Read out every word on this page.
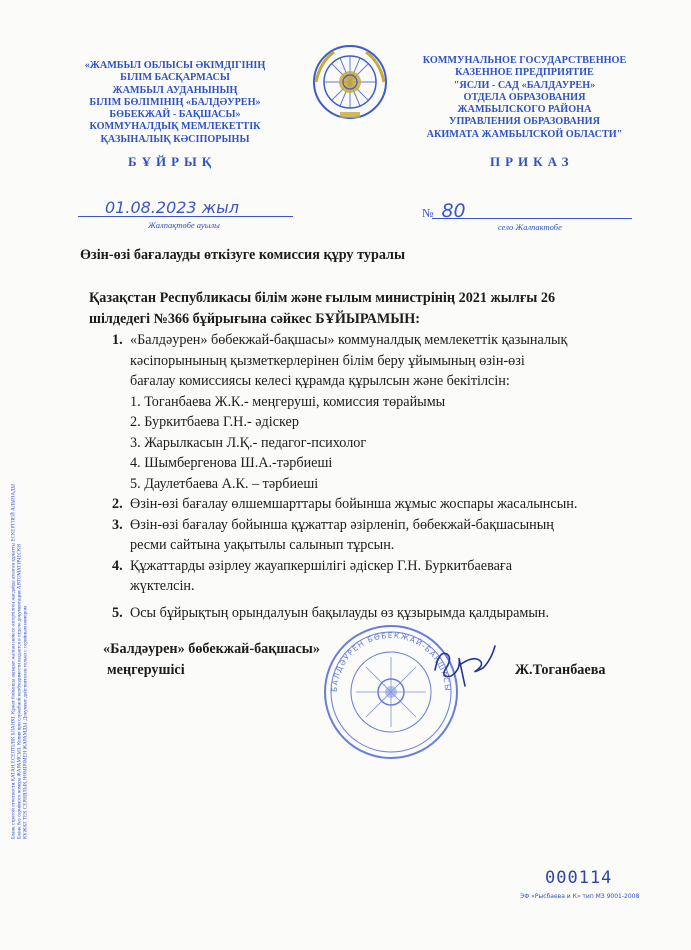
«ЖАМБЫЛ ОБЛЫСЫ ӘКІМДІГІНІҢ
БІЛІМ БАСҚАРМАСЫ
ЖАМБЫЛ АУДАНЫНЫҢ
БІЛІМ БӨЛІМІНІҢ «БАЛДӘУРЕН»
БӨБЕКЖАЙ - БАҚШАСЫ»
КОММУНАЛДЫҚ МЕМЛЕКЕТТІК
ҚАЗЫНАЛЫҚ КӘСІПОРЫНЫ
БҰЙРЫҚ
КОММУНАЛЬНОЕ ГОСУДАРСТВЕННОЕ
КАЗЕННОЕ ПРЕДПРИЯТИЕ
"ЯСЛИ - САД «БАЛДАУРЕН»
ОТДЕЛА ОБРАЗОВАНИЯ
ЖАМБЫЛСКОГО РАЙОНА
УПРАВЛЕНИЯ ОБРАЗОВАНИЯ
АКИМАТА ЖАМБЫЛСКОЙ ОБЛАСТИ"
ПРИКАЗ
01.08.2023 жыл
Жалпақтөбе ауылы
№ 80
село Жалпактобе
Өзін-өзі бағалауды өткізуге комиссия құру туралы
Қазақстан Республикасы білім және ғылым министрінің 2021 жылғы 26
шілдедегі №366 бұйрығына сәйкес БҰЙЫРАМЫН:
1. «Балдәурен» бөбекжай-бақшасы» коммуналдық мемлекеттік қазыналық
кәсіпорынының қызметкерлерінен білім беру ұйымының өзін-өзі
бағалау комиссиясы келесі құрамда құрылсын және бекітілсін:
1. Тоганбаева Ж.К.- меңгеруші, комиссия төрайымы
2. Буркитбаева Г.Н.- әдіскер
3. Жарылкасын Л.Қ.- педагог-психолог
4. Шымбергенова Ш.А.-тәрбиеші
5. Даулетбаева А.К. – тәрбиеші
2. Өзін-өзі бағалау өлшемшарттары бойынша жұмыс жоспары жасалынсын.
3. Өзін-өзі бағалау бойынша құжаттар әзірленіп, бөбекжай-бақшасының
ресми сайтына уақытылы салынып тұрсын.
4. Құжаттарды әзірлеу жауапкершілігі әдіскер Г.Н. Буркитбаеваға
жүктелсін.
5. Осы бұйрықтың орындалуын бақылауды өз құзырымда қалдырамын.
БАЛДӘУРЕН БӨБЕКЖАЙ-БАҚШАСЫ
«Балдәурен» бөбекжай-бақшасы»
меңгерушісі	Ж.Тоганбаева
Бланк строгой отчетности ҚАТАҢ ЕСЕПТІЛІК БЛАНКІ. Құжат бойынша ақпарат жалған немесе өзгертілген жағдайда аталған құжатты ЕСКЕРТПЕЙ АЛЫНАДЫ Бланк без серийного номера ЖАРАМСЫЗ. Копия при служебной необходимости выдается в отделе документации АВТОМАТИЧЕСКИ ҚҰЖАТ ТЕК СЕРИЯЛЫҚ НӨМІРІМЕН ЖАРАМДЫ. Документ действителен только с серийным номером
000114
ЭФ «Рысбаева и К» тип МЗ 9001-2008
